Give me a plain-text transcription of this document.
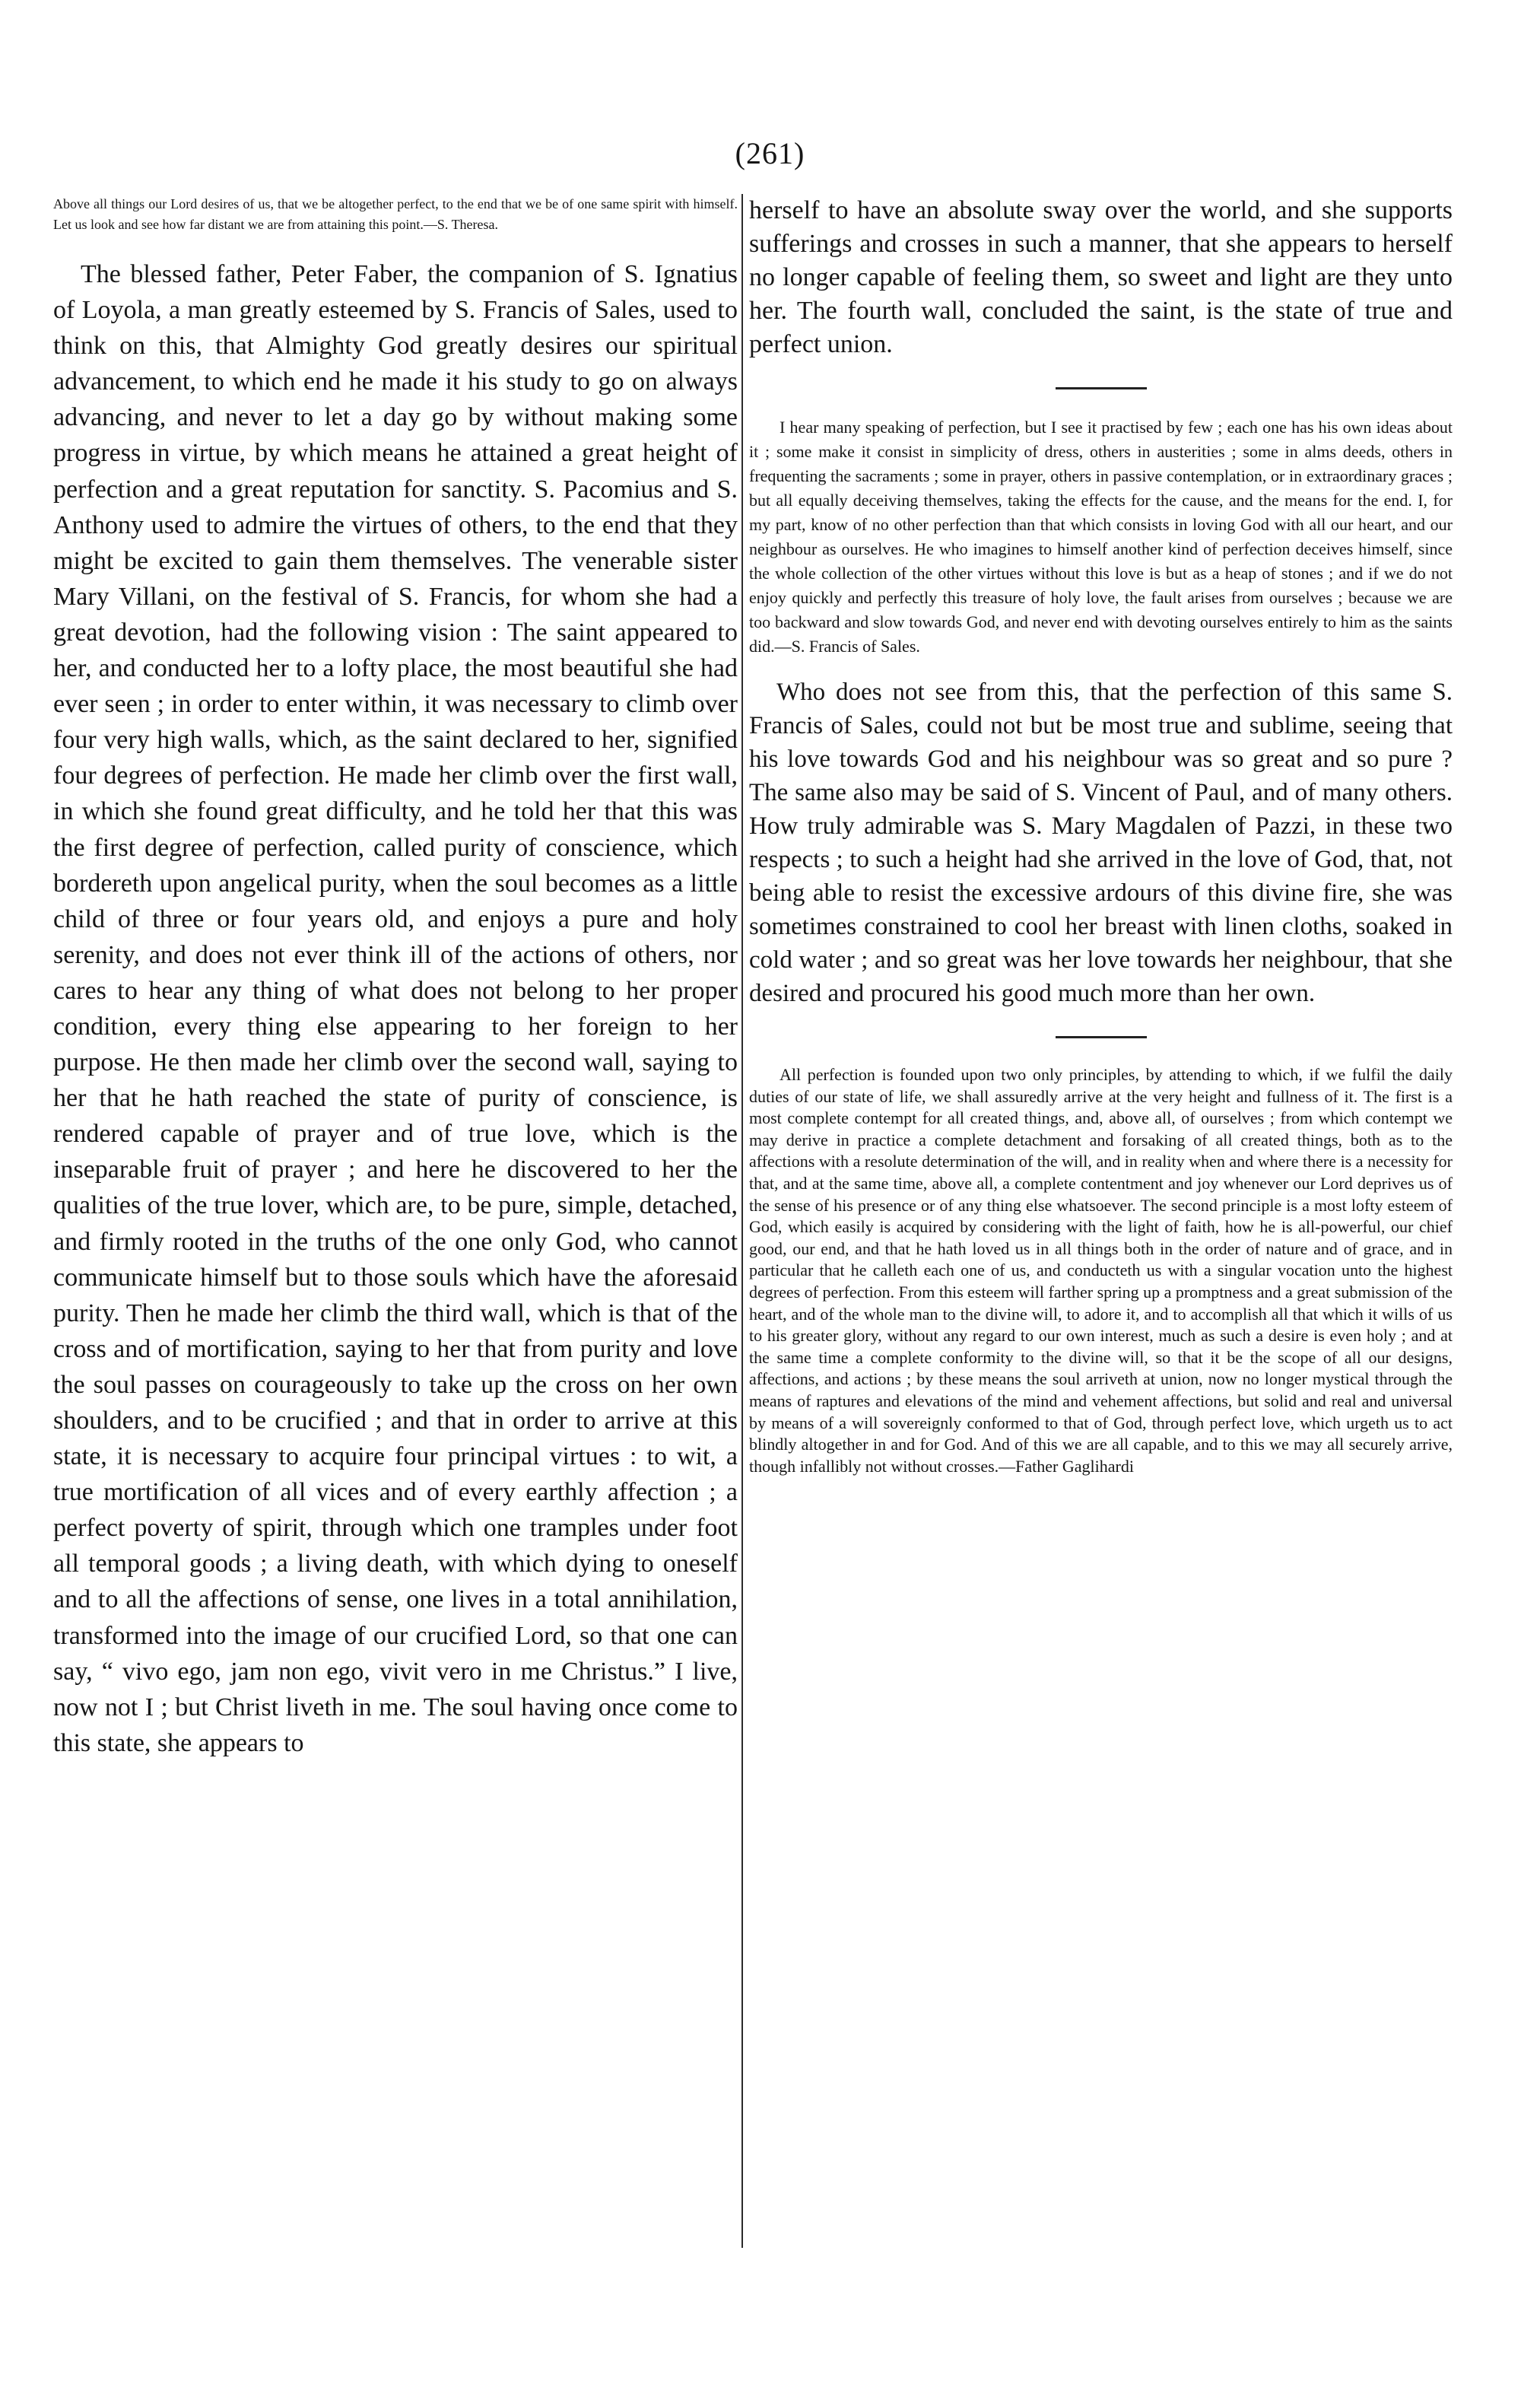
(261)

Above all things our Lord desires of us, that we be altogether perfect, to the end that we be of one same spirit with himself. Let us look and see how far distant we are from attaining this point.—S. Theresa.

The blessed father, Peter Faber, the companion of S. Ignatius of Loyola, a man greatly esteemed by S. Francis of Sales, used to think on this, that Almighty God greatly desires our spiritual advancement, to which end he made it his study to go on always advancing, and never to let a day go by without making some progress in virtue, by which means he attained a great height of perfection and a great reputation for sanctity. S. Pacomius and S. Anthony used to admire the virtues of others, to the end that they might be excited to gain them themselves. The venerable sister Mary Villani, on the festival of S. Francis, for whom she had a great devotion, had the following vision : The saint appeared to her, and conducted her to a lofty place, the most beautiful she had ever seen ; in order to enter within, it was necessary to climb over four very high walls, which, as the saint declared to her, signified four degrees of perfection. He made her climb over the first wall, in which she found great difficulty, and he told her that this was the first degree of perfection, called purity of conscience, which bordereth upon angelical purity, when the soul becomes as a little child of three or four years old, and enjoys a pure and holy serenity, and does not ever think ill of the actions of others, nor cares to hear any thing of what does not belong to her proper condition, every thing else appearing to her foreign to her purpose. He then made her climb over the second wall, saying to her that he hath reached the state of purity of conscience, is rendered capable of prayer and of true love, which is the inseparable fruit of prayer ; and here he discovered to her the qualities of the true lover, which are, to be pure, simple, detached, and firmly rooted in the truths of the one only God, who cannot communicate himself but to those souls which have the aforesaid purity. Then he made her climb the third wall, which is that of the cross and of mortification, saying to her that from purity and love the soul passes on courageously to take up the cross on her own shoulders, and to be crucified ; and that in order to arrive at this state, it is necessary to acquire four principal virtues : to wit, a true mortification of all vices and of every earthly affection ; a perfect poverty of spirit, through which one tramples under foot all temporal goods ; a living death, with which dying to oneself and to all the affections of sense, one lives in a total annihilation, transformed into the image of our crucified Lord, so that one can say, “ vivo ego, jam non ego, vivit vero in me Christus.” I live, now not I ; but Christ liveth in me. The soul having once come to this state, she appears to

herself to have an absolute sway over the world, and she supports sufferings and crosses in such a manner, that she appears to herself no longer capable of feeling them, so sweet and light are they unto her. The fourth wall, concluded the saint, is the state of true and perfect union.

I hear many speaking of perfection, but I see it practised by few ; each one has his own ideas about it ; some make it consist in simplicity of dress, others in austerities ; some in alms deeds, others in frequenting the sacraments ; some in prayer, others in passive contemplation, or in extraordinary graces ; but all equally deceiving themselves, taking the effects for the cause, and the means for the end. I, for my part, know of no other perfection than that which consists in loving God with all our heart, and our neighbour as ourselves. He who imagines to himself another kind of perfection deceives himself, since the whole collection of the other virtues without this love is but as a heap of stones ; and if we do not enjoy quickly and perfectly this treasure of holy love, the fault arises from ourselves ; because we are too backward and slow towards God, and never end with devoting ourselves entirely to him as the saints did.—S. Francis of Sales.

Who does not see from this, that the perfection of this same S. Francis of Sales, could not but be most true and sublime, seeing that his love towards God and his neighbour was so great and so pure ? The same also may be said of S. Vincent of Paul, and of many others. How truly admirable was S. Mary Magdalen of Pazzi, in these two respects ; to such a height had she arrived in the love of God, that, not being able to resist the excessive ardours of this divine fire, she was sometimes constrained to cool her breast with linen cloths, soaked in cold water ; and so great was her love towards her neighbour, that she desired and procured his good much more than her own.

All perfection is founded upon two only principles, by attending to which, if we fulfil the daily duties of our state of life, we shall assuredly arrive at the very height and fullness of it. The first is a most complete contempt for all created things, and, above all, of ourselves ; from which contempt we may derive in practice a complete detachment and forsaking of all created things, both as to the affections with a resolute determination of the will, and in reality when and where there is a necessity for that, and at the same time, above all, a complete contentment and joy whenever our Lord deprives us of the sense of his presence or of any thing else whatsoever. The second principle is a most lofty esteem of God, which easily is acquired by considering with the light of faith, how he is all-powerful, our chief good, our end, and that he hath loved us in all things both in the order of nature and of grace, and in particular that he calleth each one of us, and conducteth us with a singular vocation unto the highest degrees of perfection. From this esteem will farther spring up a promptness and a great submission of the heart, and of the whole man to the divine will, to adore it, and to accomplish all that which it wills of us to his greater glory, without any regard to our own interest, much as such a desire is even holy ; and at the same time a complete conformity to the divine will, so that it be the scope of all our designs, affections, and actions ; by these means the soul arriveth at union, now no longer mystical through the means of raptures and elevations of the mind and vehement affections, but solid and real and universal by means of a will sovereignly conformed to that of God, through perfect love, which urgeth us to act blindly altogether in and for God. And of this we are all capable, and to this we may all securely arrive, though infallibly not without crosses.—Father Gaglihardi
